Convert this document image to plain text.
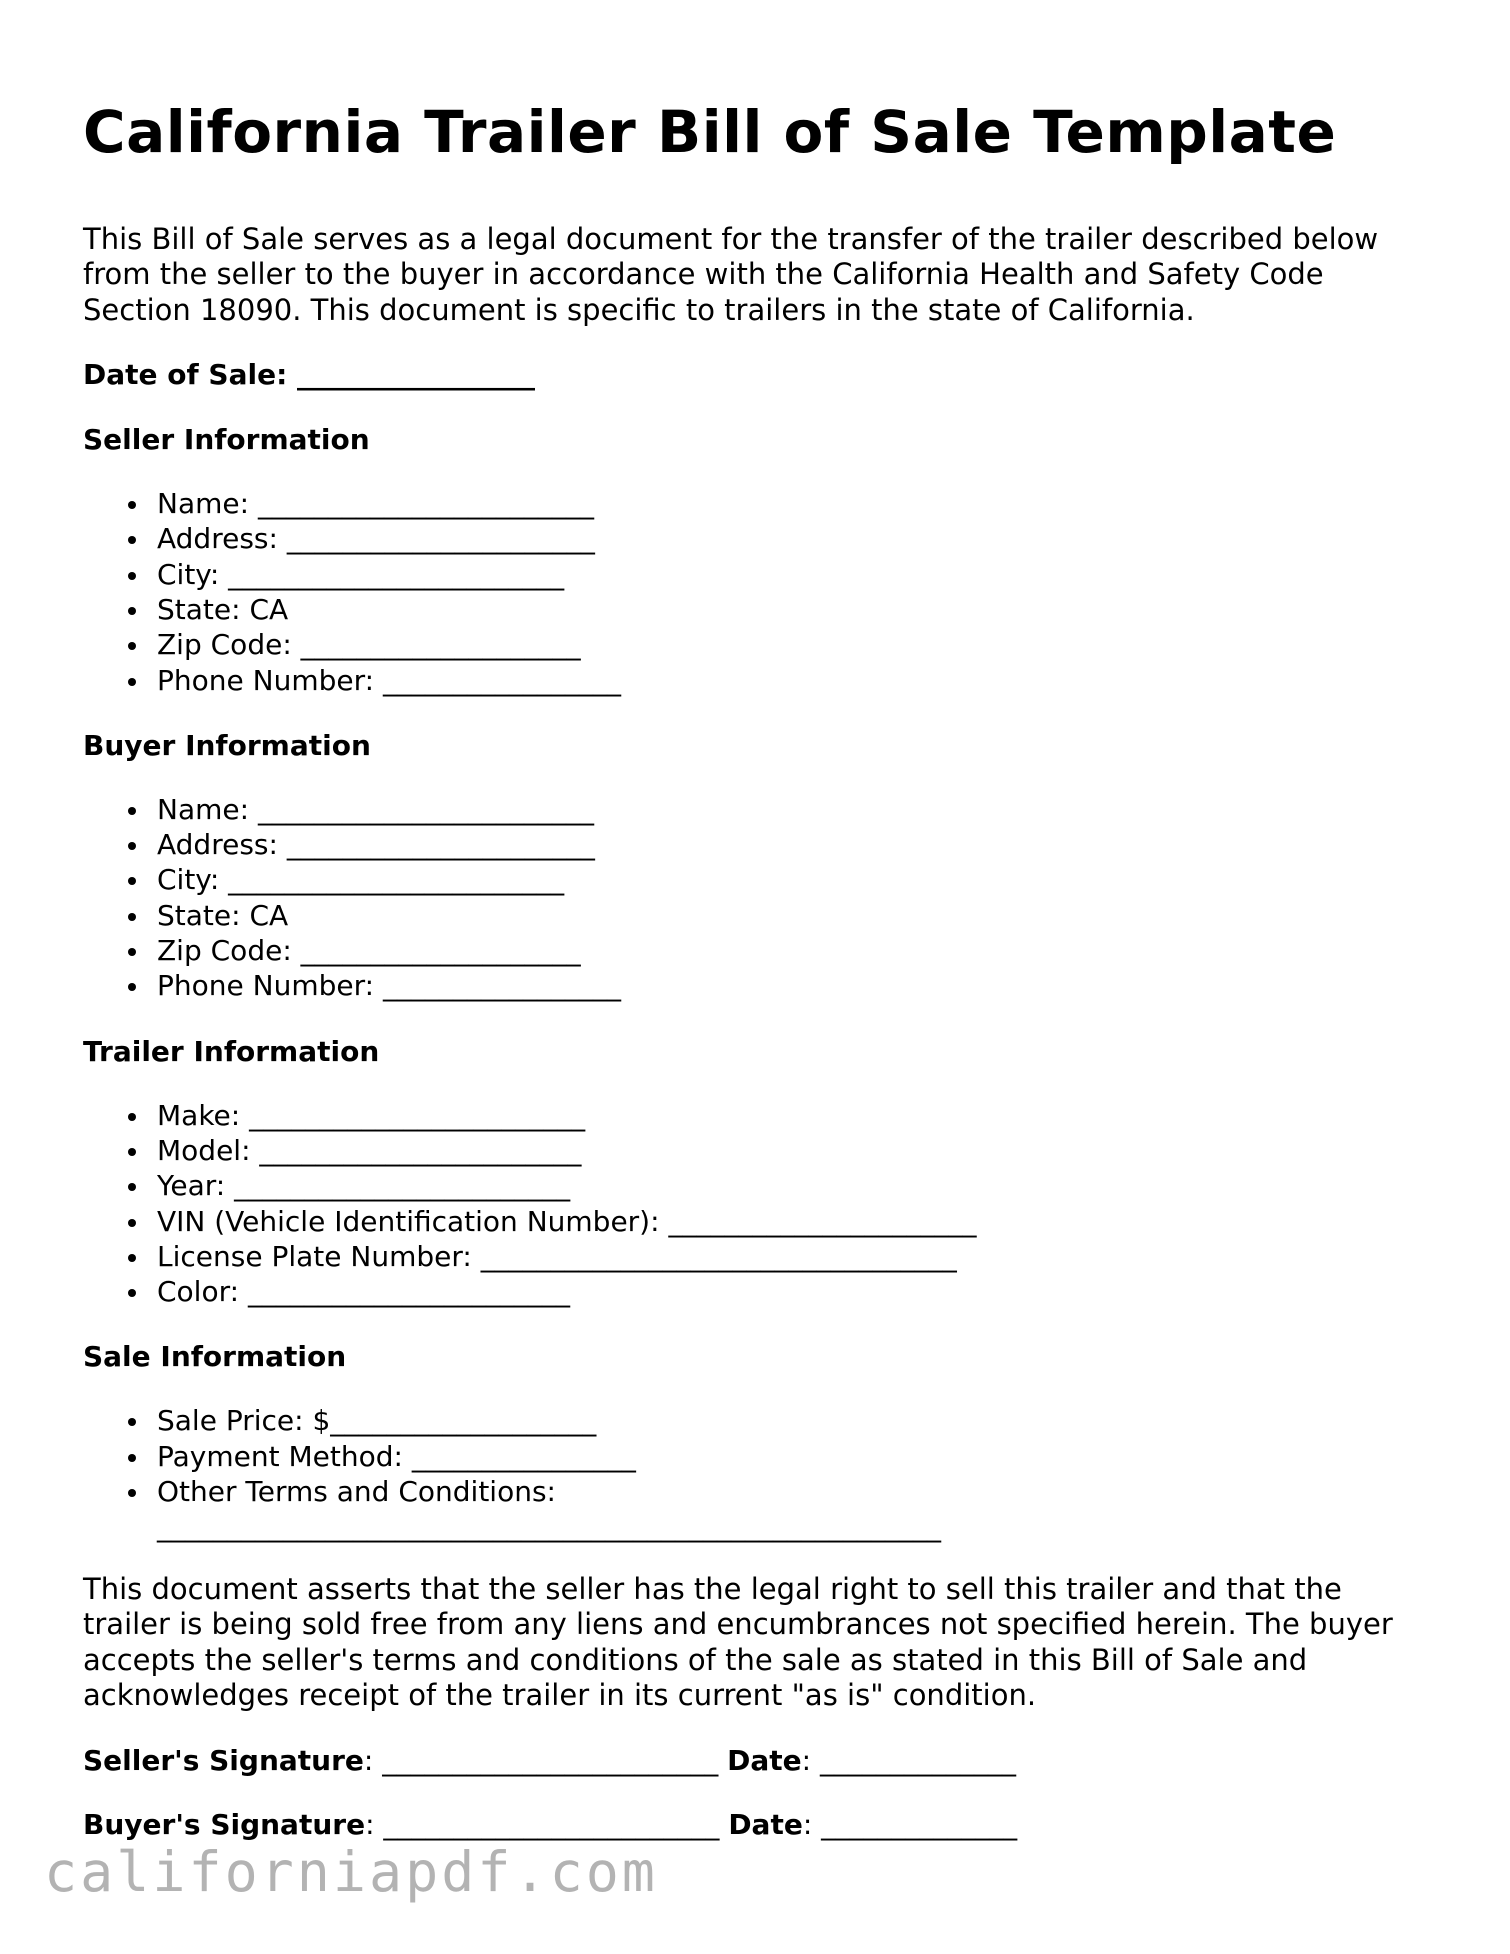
California Trailer Bill of Sale Template

This Bill of Sale serves as a legal document for the transfer of the trailer described below from the seller to the buyer in accordance with the California Health and Safety Code Section 18090. This document is specific to trailers in the state of California.

Date of Sale: _________________

Seller Information
Name: ________________________
Address: ______________________
City: ________________________
State: CA
Zip Code: ____________________
Phone Number: _________________
Buyer Information
Name: ________________________
Address: ______________________
City: ________________________
State: CA
Zip Code: ____________________
Phone Number: _________________
Trailer Information
Make: ________________________
Model: _______________________
Year: ________________________
VIN (Vehicle Identification Number): ______________________
License Plate Number: __________________________________
Color: _______________________
Sale Information
Sale Price: $___________________
Payment Method: ________________
Other Terms and Conditions: ________________________________________________________

This document asserts that the seller has the legal right to sell this trailer and that the trailer is being sold free from any liens and encumbrances not specified herein. The buyer accepts the seller's terms and conditions of the sale as stated in this Bill of Sale and acknowledges receipt of the trailer in its current "as is" condition.

Seller's Signature: ________________________ Date: ______________

Buyer's Signature: ________________________ Date: ______________

californiapdf.com
